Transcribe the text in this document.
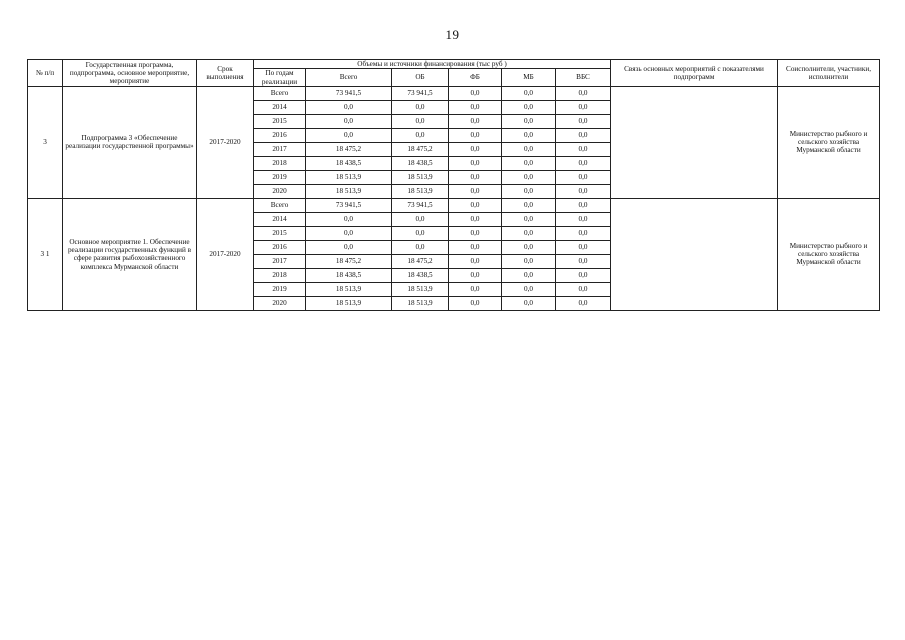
19
№ п/п	Государственная программа, подпрограмма, основное мероприятие, мероприятие	Срок выполнения	Объемы и источники финансирования (тыс руб )						Связь основных мероприятий с показателями подпрограмм	Соисполнители, участники, исполнители
			По годам реализации	Всего	ОБ	ФБ	МБ	ВБС		
3	Подпрограмма 3 «Обеспечение реализации государственной программы»	2017-2020	Всего	73 941,5	73 941,5	0,0	0,0	0,0		Министерство рыбного и сельского хозяйства Мурманской области
			2014	0,0	0,0	0,0	0,0	0,0		
			2015	0,0	0,0	0,0	0,0	0,0		
			2016	0,0	0,0	0,0	0,0	0,0		
			2017	18 475,2	18 475,2	0,0	0,0	0,0		
			2018	18 438,5	18 438,5	0,0	0,0	0,0		
			2019	18 513,9	18 513,9	0,0	0,0	0,0		
			2020	18 513,9	18 513,9	0,0	0,0	0,0		
3 1	Основное мероприятие 1. Обеспечение реализации государственных функций в сфере развития рыбохозяйственного комплекса Мурманской области	2017-2020	Всего	73 941,5	73 941,5	0,0	0,0	0,0		Министерство рыбного и сельского хозяйства Мурманской области
			2014	0,0	0,0	0,0	0,0	0,0		
			2015	0,0	0,0	0,0	0,0	0,0		
			2016	0,0	0,0	0,0	0,0	0,0		
			2017	18 475,2	18 475,2	0,0	0,0	0,0		
			2018	18 438,5	18 438,5	0,0	0,0	0,0		
			2019	18 513,9	18 513,9	0,0	0,0	0,0		
			2020	18 513,9	18 513,9	0,0	0,0	0,0		
